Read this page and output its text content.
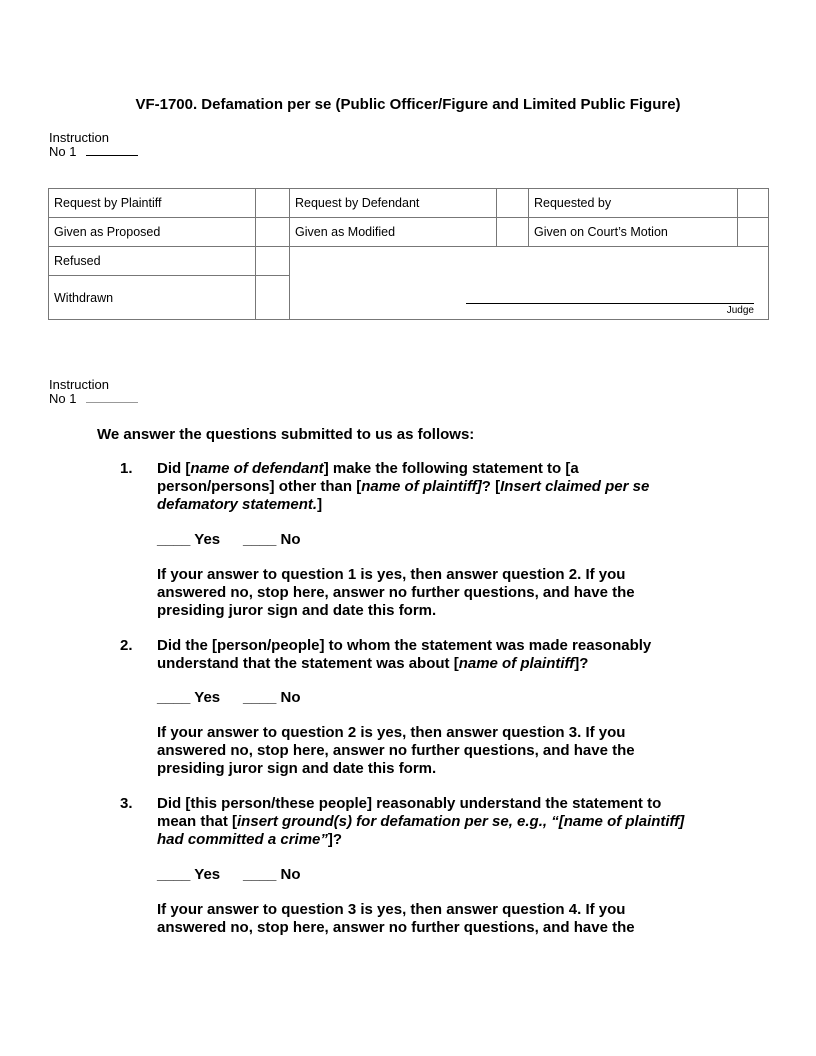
VF-1700. Defamation per se (Public Officer/Figure and Limited Public Figure)
Instruction
No 1
Request by Plaintiff		Request by Defendant		Requested by	
Given as Proposed		Given as Modified		Given on Court’s Motion	
Refused					
Withdrawn					
Judge
Instruction
No 1
We answer the questions submitted to us as follows:
1. Did [name of defendant] make the following statement to [a
person/persons] other than [name of plaintiff]? [Insert claimed per se
defamatory statement.]
____ Yes ____ No
If your answer to question 1 is yes, then answer question 2. If you
answered no, stop here, answer no further questions, and have the
presiding juror sign and date this form.
2. Did the [person/people] to whom the statement was made reasonably
understand that the statement was about [name of plaintiff]?
____ Yes ____ No
If your answer to question 2 is yes, then answer question 3. If you
answered no, stop here, answer no further questions, and have the
presiding juror sign and date this form.
3. Did [this person/these people] reasonably understand the statement to
mean that [insert ground(s) for defamation per se, e.g., “[name of plaintiff]
had committed a crime”]?
____ Yes ____ No
If your answer to question 3 is yes, then answer question 4. If you
answered no, stop here, answer no further questions, and have the
